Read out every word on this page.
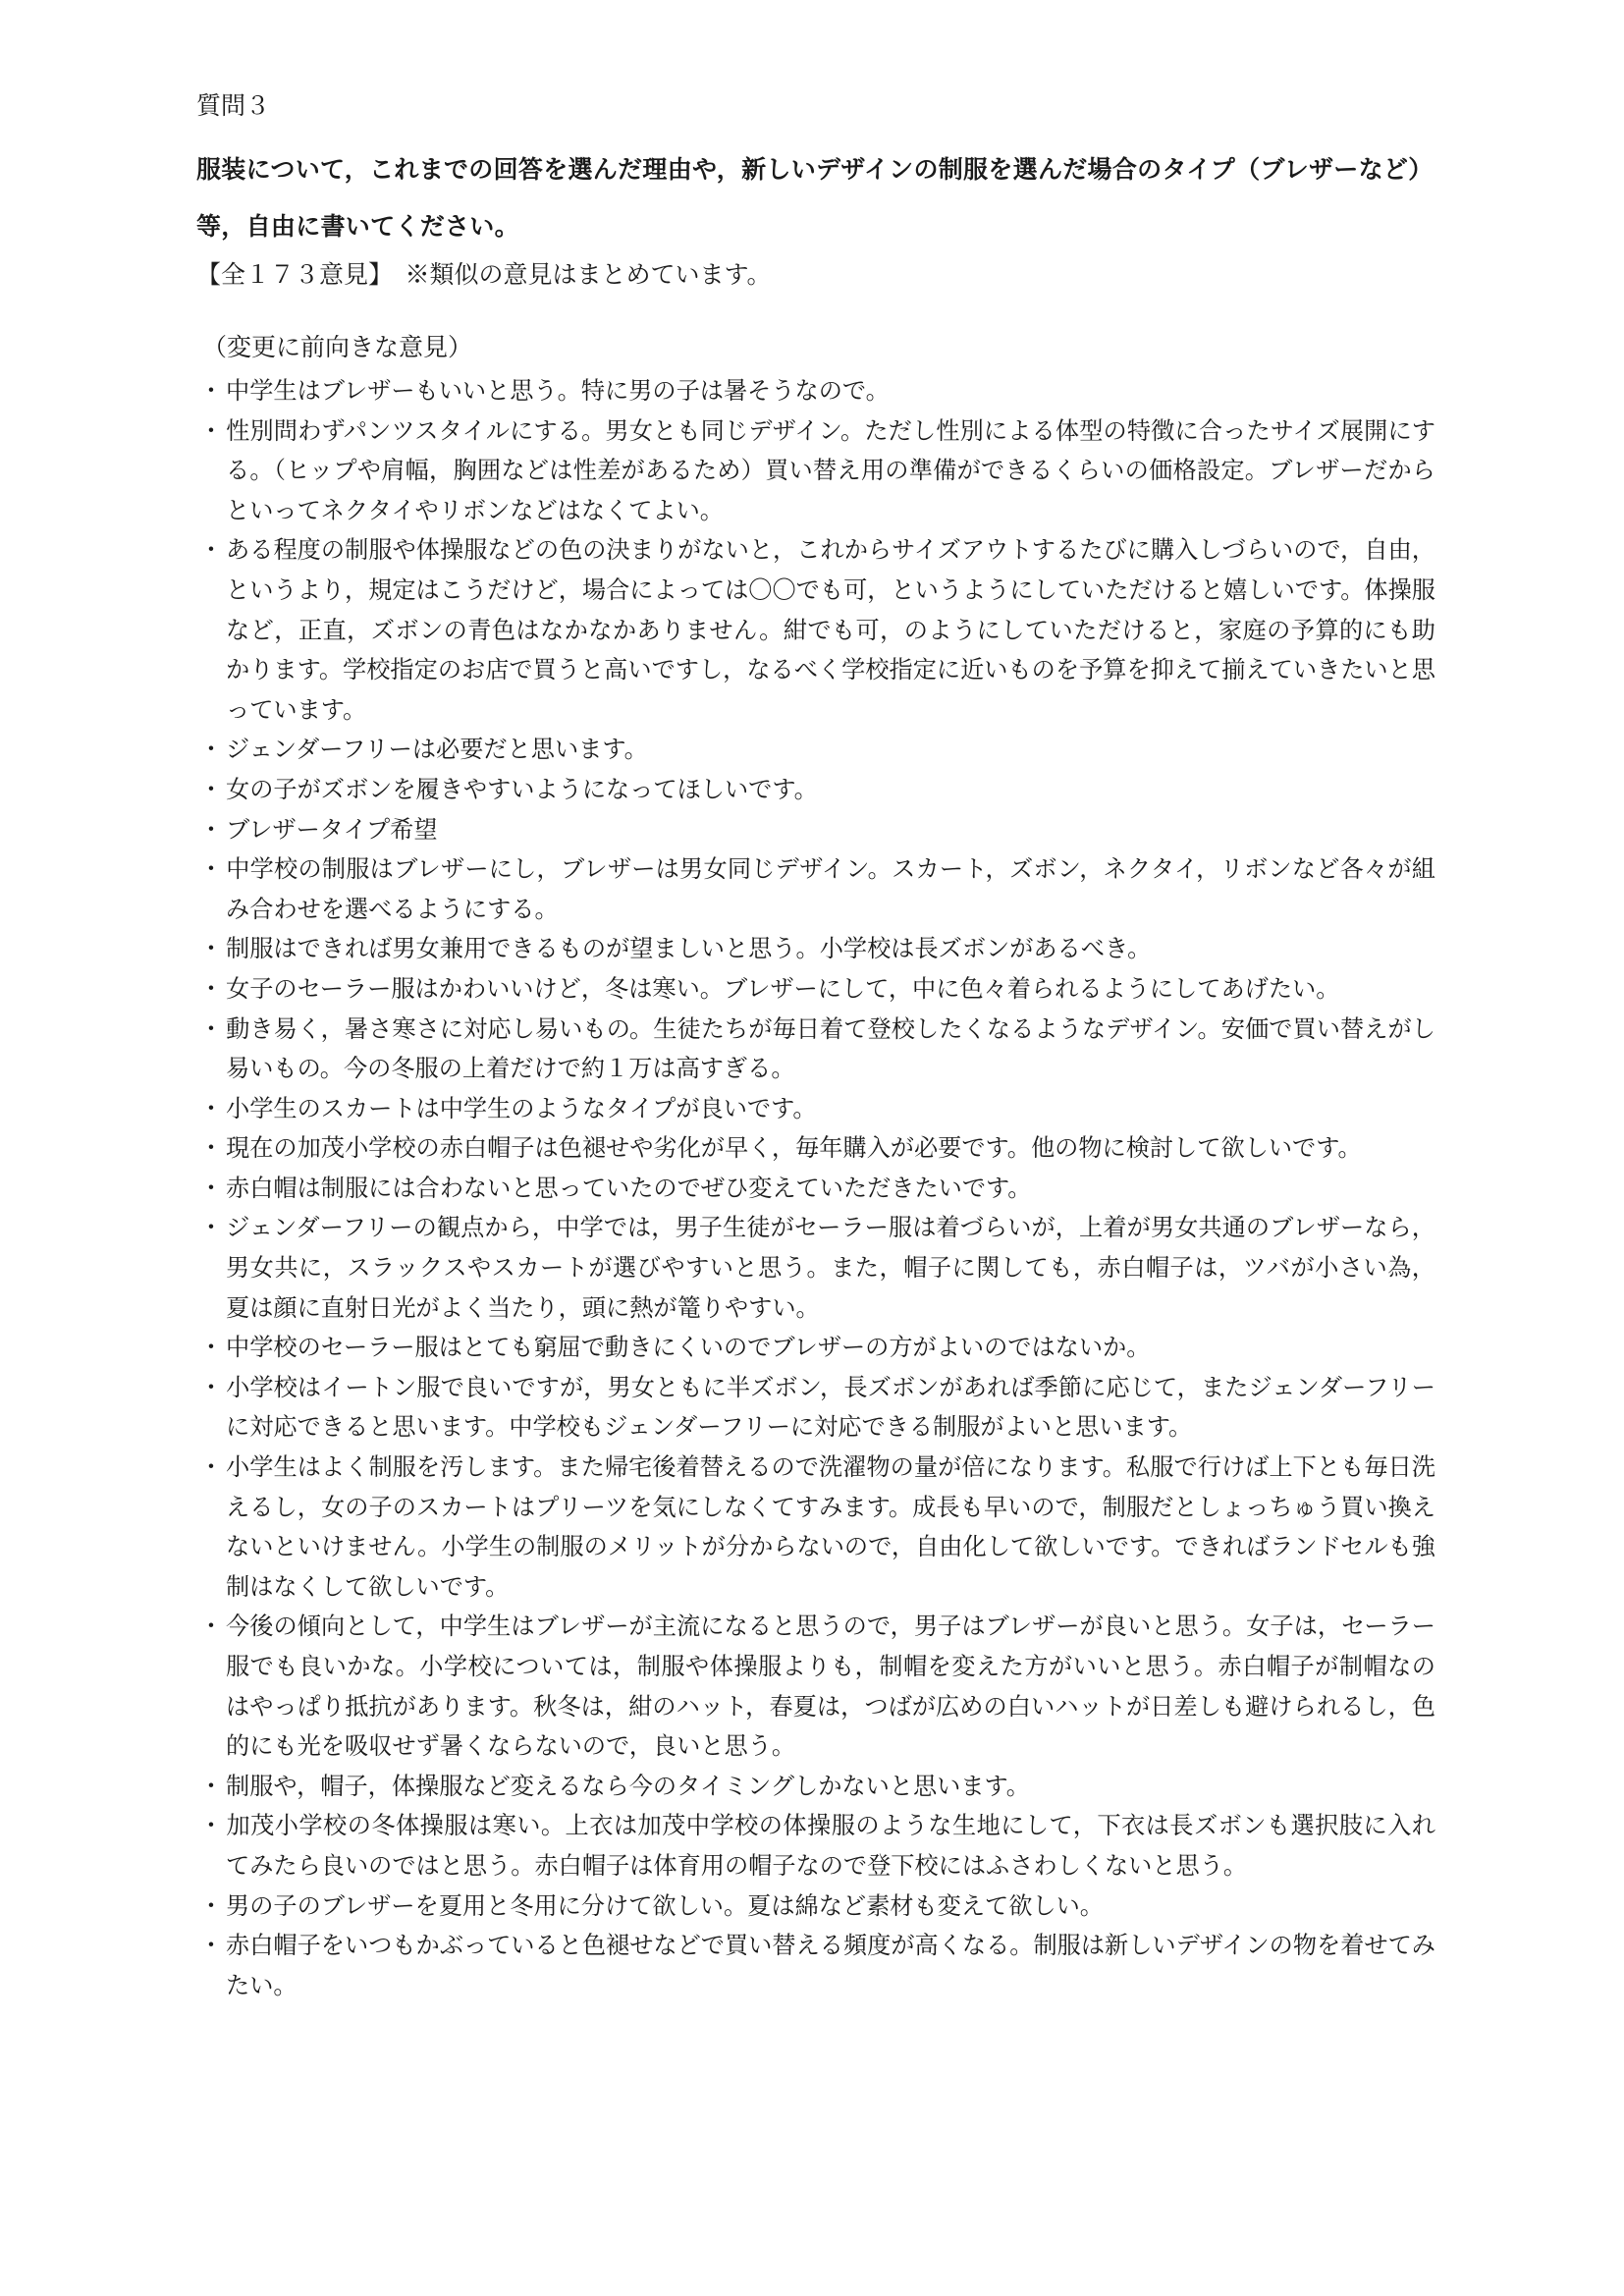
質問３

服装について，これまでの回答を選んだ理由や，新しいデザインの制服を選んだ場合のタイプ（ブレザーなど）等，自由に書いてください。

【全１７３意見】　※類似の意見はまとめています。
（変更に前向きな意見）
・ 中学生はブレザーもいいと思う。特に男の子は暑そうなので。
・ 性別問わずパンツスタイルにする。男女とも同じデザイン。ただし性別による体型の特徴に合ったサイズ展開にする。（ヒップや肩幅，胸囲などは性差があるため）買い替え用の準備ができるくらいの価格設定。ブレザーだからといってネクタイやリボンなどはなくてよい。
・ ある程度の制服や体操服などの色の決まりがないと，これからサイズアウトするたびに購入しづらいので，自由，というより，規定はこうだけど，場合によっては〇〇でも可，というようにしていただけると嬉しいです。体操服など，正直，ズボンの青色はなかなかありません。紺でも可，のようにしていただけると，家庭の予算的にも助かります。学校指定のお店で買うと高いですし，なるべく学校指定に近いものを予算を抑えて揃えていきたいと思っています。
・ ジェンダーフリーは必要だと思います。
・ 女の子がズボンを履きやすいようになってほしいです。
・ ブレザータイプ希望
・ 中学校の制服はブレザーにし，ブレザーは男女同じデザイン。スカート，ズボン，ネクタイ，リボンなど各々が組み合わせを選べるようにする。
・ 制服はできれば男女兼用できるものが望ましいと思う。小学校は長ズボンがあるべき。
・ 女子のセーラー服はかわいいけど，冬は寒い。ブレザーにして，中に色々着られるようにしてあげたい。
・ 動き易く，暑さ寒さに対応し易いもの。生徒たちが毎日着て登校したくなるようなデザイン。安価で買い替えがし易いもの。今の冬服の上着だけで約１万は高すぎる。
・ 小学生のスカートは中学生のようなタイプが良いです。
・ 現在の加茂小学校の赤白帽子は色褪せや劣化が早く，毎年購入が必要です。他の物に検討して欲しいです。
・ 赤白帽は制服には合わないと思っていたのでぜひ変えていただきたいです。
・ ジェンダーフリーの観点から，中学では，男子生徒がセーラー服は着づらいが，上着が男女共通のブレザーなら，男女共に，スラックスやスカートが選びやすいと思う。また，帽子に関しても，赤白帽子は，ツバが小さい為，夏は顔に直射日光がよく当たり，頭に熱が篭りやすい。
・ 中学校のセーラー服はとても窮屈で動きにくいのでブレザーの方がよいのではないか。
・ 小学校はイートン服で良いですが，男女ともに半ズボン，長ズボンがあれば季節に応じて，またジェンダーフリーに対応できると思います。中学校もジェンダーフリーに対応できる制服がよいと思います。
・ 小学生はよく制服を汚します。また帰宅後着替えるので洗濯物の量が倍になります。私服で行けば上下とも毎日洗えるし，女の子のスカートはプリーツを気にしなくてすみます。成長も早いので，制服だとしょっちゅう買い換えないといけません。小学生の制服のメリットが分からないので，自由化して欲しいです。できればランドセルも強制はなくして欲しいです。
・ 今後の傾向として，中学生はブレザーが主流になると思うので，男子はブレザーが良いと思う。女子は，セーラー服でも良いかな。小学校については，制服や体操服よりも，制帽を変えた方がいいと思う。赤白帽子が制帽なのはやっぱり抵抗があります。秋冬は，紺のハット，春夏は，つばが広めの白いハットが日差しも避けられるし，色的にも光を吸収せず暑くならないので，良いと思う。
・ 制服や，帽子，体操服など変えるなら今のタイミングしかないと思います。
・ 加茂小学校の冬体操服は寒い。上衣は加茂中学校の体操服のような生地にして，下衣は長ズボンも選択肢に入れてみたら良いのではと思う。赤白帽子は体育用の帽子なので登下校にはふさわしくないと思う。
・ 男の子のブレザーを夏用と冬用に分けて欲しい。夏は綿など素材も変えて欲しい。
・ 赤白帽子をいつもかぶっていると色褪せなどで買い替える頻度が高くなる。制服は新しいデザインの物を着せてみたい。
